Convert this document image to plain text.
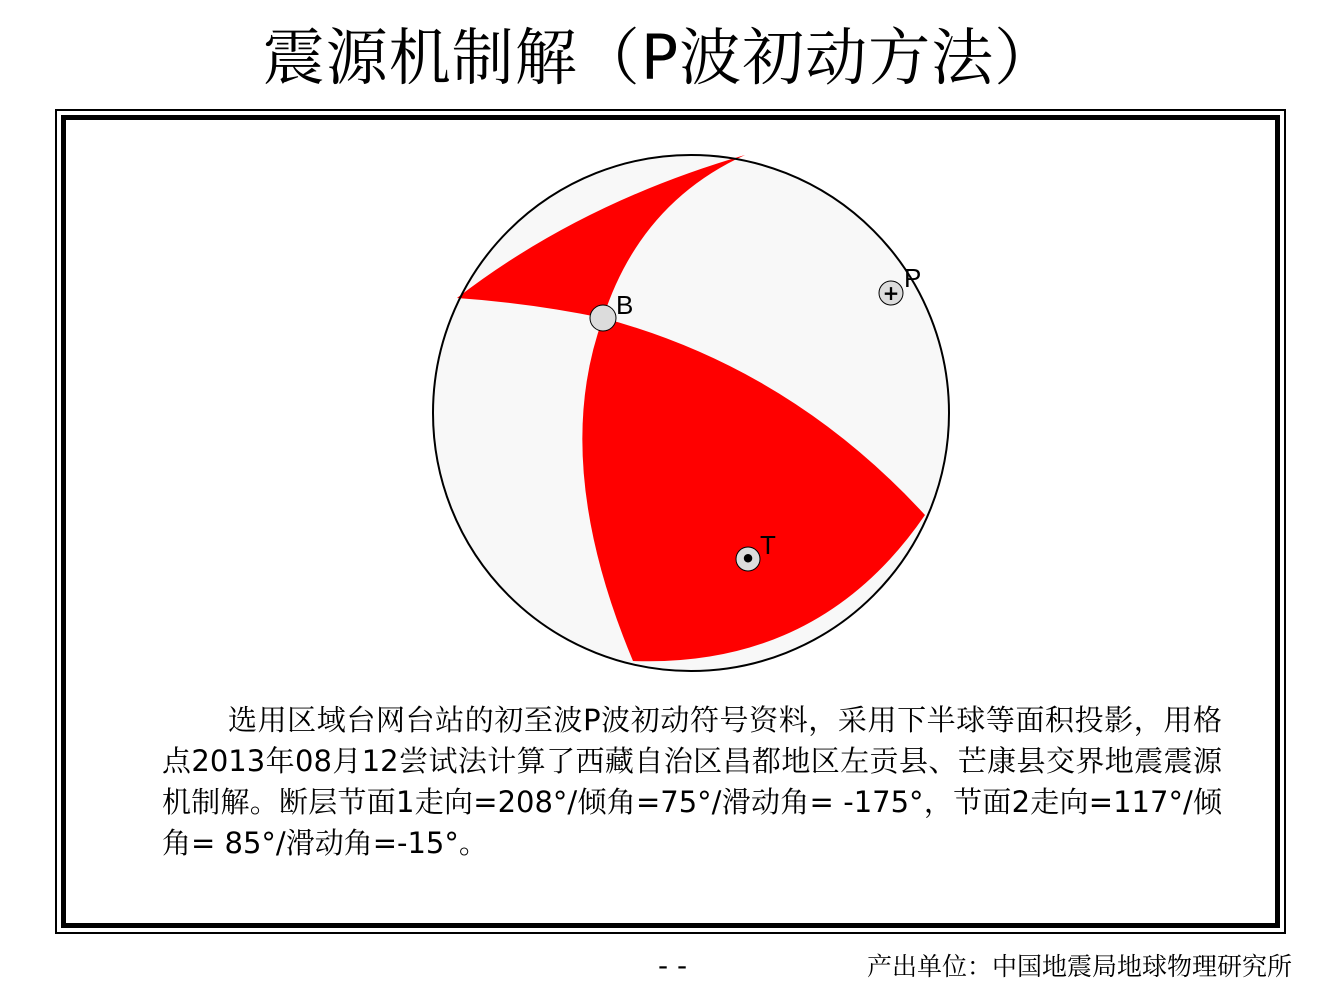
震源机制解（P波初动方法）
B	+ P
• T
选用区域台网台站的初至波P波初动符号资料，采用下半球等面积投影，用格点2013年08月12尝试法计算了西藏自治区昌都地区左贡县、芒康县交界地震震源机制解。断层节面1走向=208°/倾角=75°/滑动角= -175°，节面2走向=117°/倾角= 85°/滑动角=-15°。
- -	产出单位：中国地震局地球物理研究所
